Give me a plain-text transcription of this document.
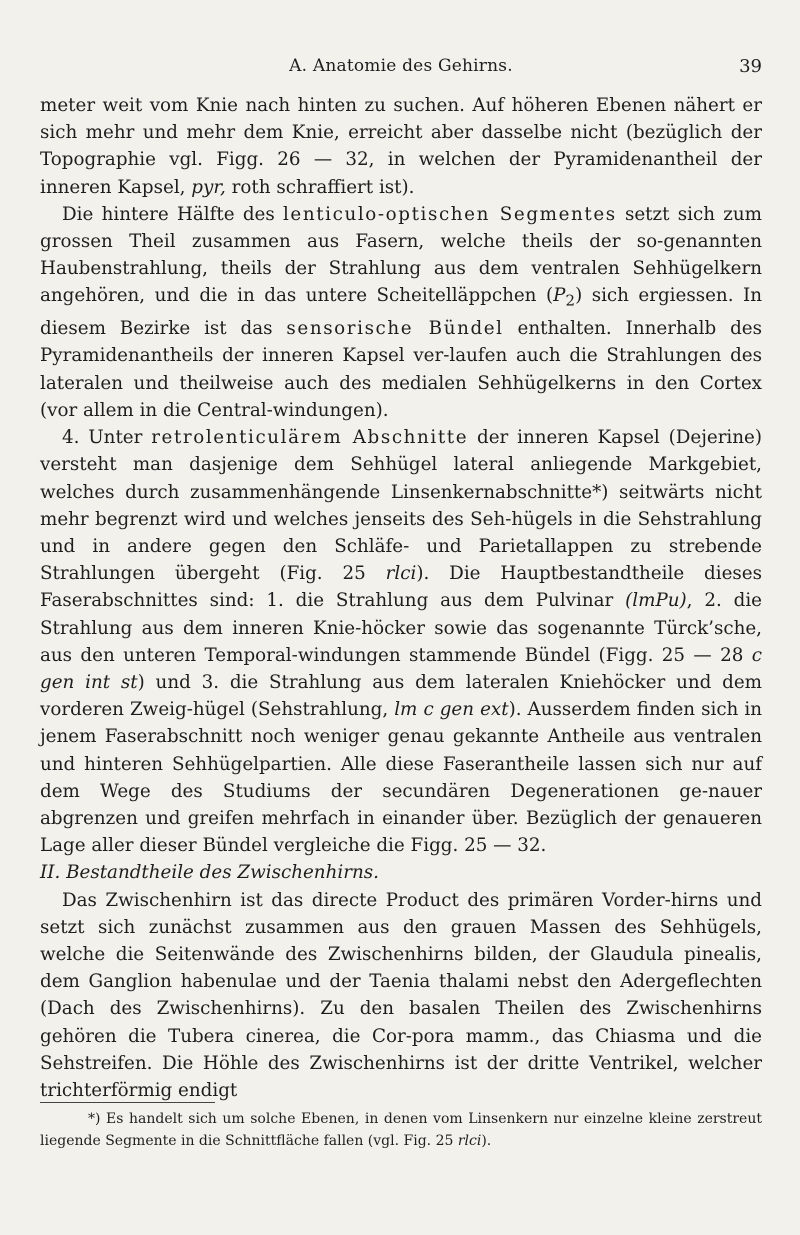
A. Anatomie des Gehirns.	39

meter weit vom Knie nach hinten zu suchen. Auf höheren Ebenen nähert er sich mehr und mehr dem Knie, erreicht aber dasselbe nicht (bezüglich der Topographie vgl. Figg. 26 — 32, in welchen der Pyramidenantheil der inneren Kapsel, pyr, roth schraffiert ist).

Die hintere Hälfte des lenticulo-optischen Segmentes setzt sich zum grossen Theil zusammen aus Fasern, welche theils der so-genannten Haubenstrahlung, theils der Strahlung aus dem ventralen Sehhügelkern angehören, und die in das untere Scheitelläppchen $(P_2)$ sich ergiessen. In diesem Bezirke ist das sensorische Bündel enthalten. Innerhalb des Pyramidenantheils der inneren Kapsel ver-laufen auch die Strahlungen des lateralen und theilweise auch des medialen Sehhügelkerns in den Cortex (vor allem in die Central-windungen).

4. Unter retrolenticulärem Abschnitte der inneren Kapsel (Dejerine) versteht man dasjenige dem Sehhügel lateral anliegende Markgebiet, welches durch zusammenhängende Linsenkernabschnitte*) seitwärts nicht mehr begrenzt wird und welches jenseits des Seh-hügels in die Sehstrahlung und in andere gegen den Schläfe- und Parietallappen zu strebende Strahlungen übergeht (Fig. 25 rlci). Die Hauptbestandtheile dieses Faserabschnittes sind: 1. die Strahlung aus dem Pulvinar (lmPu), 2. die Strahlung aus dem inneren Knie-höcker sowie das sogenannte Türck’sche, aus den unteren Temporal-windungen stammende Bündel (Figg. 25 — 28 c gen int st) und 3. die Strahlung aus dem lateralen Kniehöcker und dem vorderen Zweig-hügel (Sehstrahlung, lm c gen ext). Ausserdem finden sich in jenem Faserabschnitt noch weniger genau gekannte Antheile aus ventralen und hinteren Sehhügelpartien. Alle diese Faserantheile lassen sich nur auf dem Wege des Studiums der secundären Degenerationen ge-nauer abgrenzen und greifen mehrfach in einander über. Bezüglich der genaueren Lage aller dieser Bündel vergleiche die Figg. 25 — 32.

II. Bestandtheile des Zwischenhirns.

Das Zwischenhirn ist das directe Product des primären Vorder-hirns und setzt sich zunächst zusammen aus den grauen Massen des Sehhügels, welche die Seitenwände des Zwischenhirns bilden, der Glaudula pinealis, dem Ganglion habenulae und der Taenia thalami nebst den Adergeflechten (Dach des Zwischenhirns). Zu den basalen Theilen des Zwischenhirns gehören die Tubera cinerea, die Cor-pora mamm., das Chiasma und die Sehstreifen. Die Höhle des Zwischenhirns ist der dritte Ventrikel, welcher trichterförmig endigt

*) Es handelt sich um solche Ebenen, in denen vom Linsenkern nur einzelne kleine zerstreut liegende Segmente in die Schnittfläche fallen (vgl. Fig. 25 rlci).
